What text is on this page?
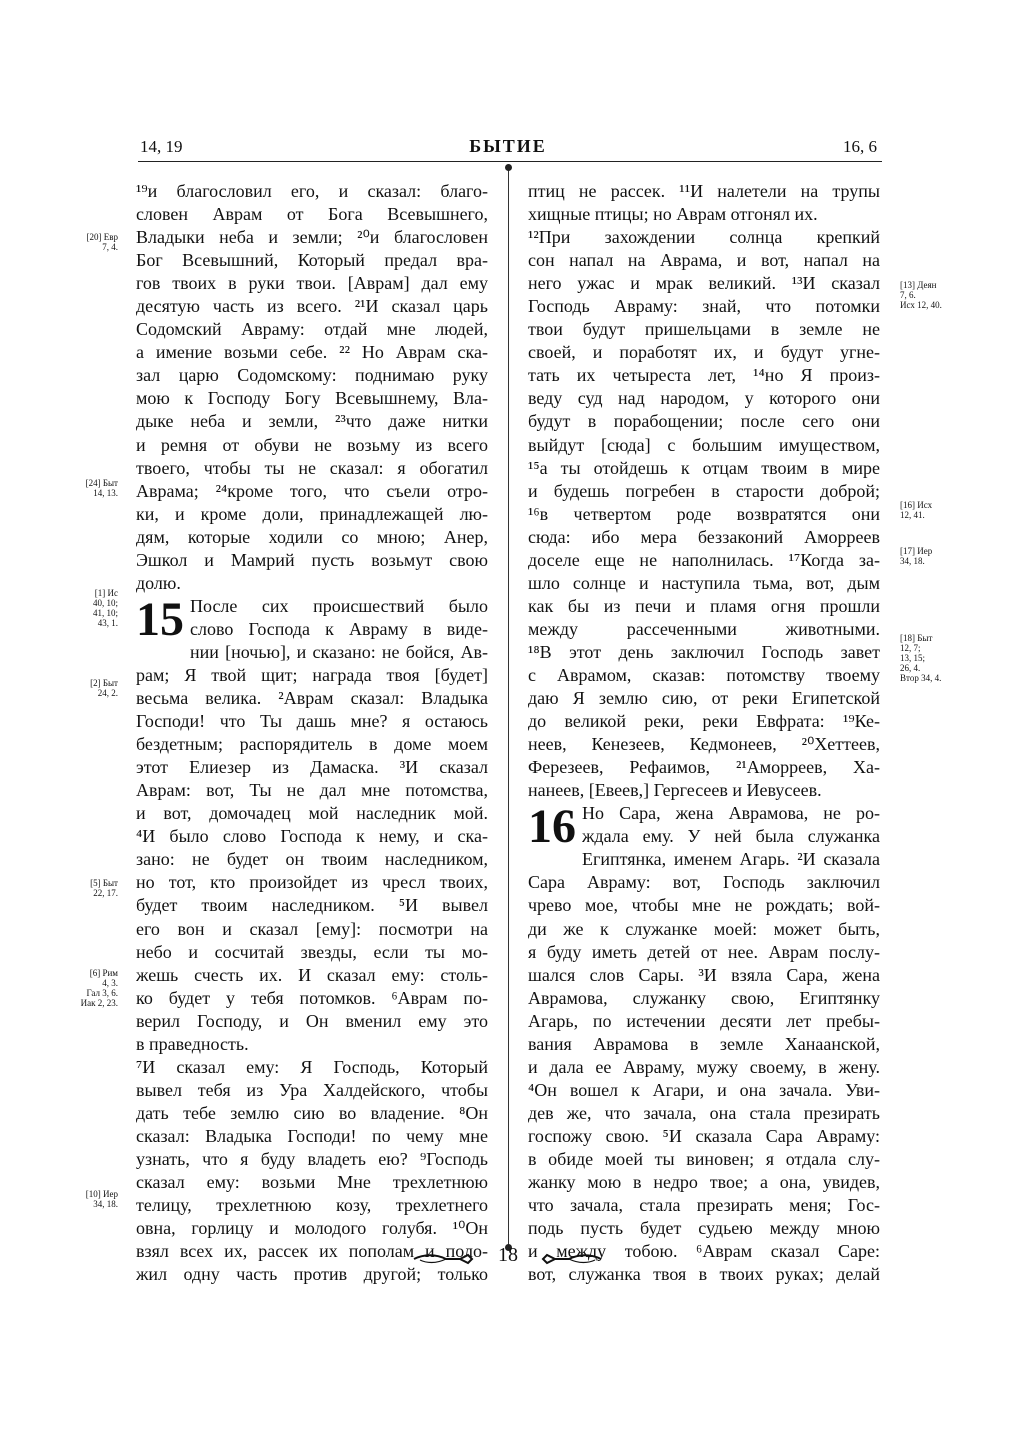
14, 19	БЫТИЕ	16, 6
¹⁹и благословил его, и сказал: благо-
словен Аврам от Бога Всевышнего,
Владыки неба и земли; ²⁰и благословен
Бог Всевышний, Который предал вра-
гов твоих в руки твои. [Аврам] дал ему
десятую часть из всего. ²¹И сказал царь
Содомский Авраму: отдай мне людей,
а имение возьми себе. ²² Но Аврам ска-
зал царю Содомскому: поднимаю руку
мою к Господу Богу Всевышнему, Вла-
дыке неба и земли, ²³что даже нитки
и ремня от обуви не возьму из всего
твоего, чтобы ты не сказал: я обогатил
Аврама; ²⁴кроме того, что съели отро-
ки, и кроме доли, принадлежащей лю-
дям, которые ходили со мною; Анер,
Эшкол и Мамрий пусть возьмут свою
долю.
15 После сих происшествий было
слово Господа к Авраму в виде-
нии [ночью], и сказано: не бойся, Ав-
рам; Я твой щит; награда твоя [будет]
весьма велика. ²Аврам сказал: Владыка
Господи! что Ты дашь мне? я остаюсь
бездетным; распорядитель в доме моем
этот Елиезер из Дамаска. ³И сказал
Аврам: вот, Ты не дал мне потомства,
и вот, домочадец мой наследник мой.
⁴И было слово Господа к нему, и ска-
зано: не будет он твоим наследником,
но тот, кто произойдет из чресл твоих,
будет твоим наследником. ⁵И вывел
его вон и сказал [ему]: посмотри на
небо и сосчитай звезды, если ты мо-
жешь счесть их. И сказал ему: столь-
ко будет у тебя потомков. ⁶Аврам по-
верил Господу, и Он вменил ему это
в праведность.
⁷И сказал ему: Я Господь, Который
вывел тебя из Ура Халдейского, чтобы
дать тебе землю сию во владение. ⁸Он
сказал: Владыка Господи! по чему мне
узнать, что я буду владеть ею? ⁹Господь
сказал ему: возьми Мне трехлетнюю
телицу, трехлетнюю козу, трехлетнего
овна, горлицу и молодого голубя. ¹⁰Он
взял всех их, рассек их пополам и поло-
жил одну часть против другой; только
птиц не рассек. ¹¹И налетели на трупы
хищные птицы; но Аврам отгонял их.
¹²При захождении солнца крепкий
сон напал на Аврама, и вот, напал на
него ужас и мрак великий. ¹³И сказал
Господь Авраму: знай, что потомки
твои будут пришельцами в земле не
своей, и поработят их, и будут угне-
тать их четыреста лет, ¹⁴но Я произ-
веду суд над народом, у которого они
будут в порабощении; после сего они
выйдут [сюда] с большим имуществом,
¹⁵а ты отойдешь к отцам твоим в мире
и будешь погребен в старости доброй;
¹⁶в четвертом роде возвратятся они
сюда: ибо мера беззаконий Аморреев
доселе еще не наполнилась. ¹⁷Когда за-
шло солнце и наступила тьма, вот, дым
как бы из печи и пламя огня прошли
между рассеченными животными.
¹⁸В этот день заключил Господь завет
с Аврамом, сказав: потомству твоему
даю Я землю сию, от реки Египетской
до великой реки, реки Евфрата: ¹⁹Ке-
неев, Кенезеев, Кедмонеев, ²⁰Хеттеев,
Ферезеев, Рефаимов, ²¹Аморреев, Ха-
нанеев, [Евеев,] Гергесеев и Иевусеев.
16 Но Сара, жена Аврамова, не ро-
ждала ему. У ней была служанка
Египтянка, именем Агарь. ²И сказала
Сара Авраму: вот, Господь заключил
чрево мое, чтобы мне не рождать; вой-
ди же к служанке моей: может быть,
я буду иметь детей от нее. Аврам послу-
шался слов Сары. ³И взяла Сара, жена
Аврамова, служанку свою, Египтянку
Агарь, по истечении десяти лет пребы-
вания Аврамова в земле Ханаанской,
и дала ее Авраму, мужу своему, в жену.
⁴Он вошел к Агари, и она зачала. Уви-
дев же, что зачала, она стала презирать
госпожу свою. ⁵И сказала Сара Авраму:
в обиде моей ты виновен; я отдала слу-
жанку мою в недро твое; а она, увидев,
что зачала, стала презирать меня; Гос-
подь пусть будет судьею между мною
и между тобою. ⁶Аврам сказал Саре:
вот, служанка твоя в твоих руках; делай
[20] Евр
7, 4.
[24] Быт
14, 13.
[1] Ис
40, 10;
41, 10;
43, 1.
[2] Быт
24, 2.
[5] Быт
22, 17.
[6] Рим
4, 3.
Гал 3, 6.
Иак 2, 23.
[10] Иер
34, 18.
[13] Деян
7, 6.
Исх 12, 40.
[16] Исх
12, 41.
[17] Иер
34, 18.
[18] Быт
12, 7;
13, 15;
26, 4.
Втор 34, 4.
18
